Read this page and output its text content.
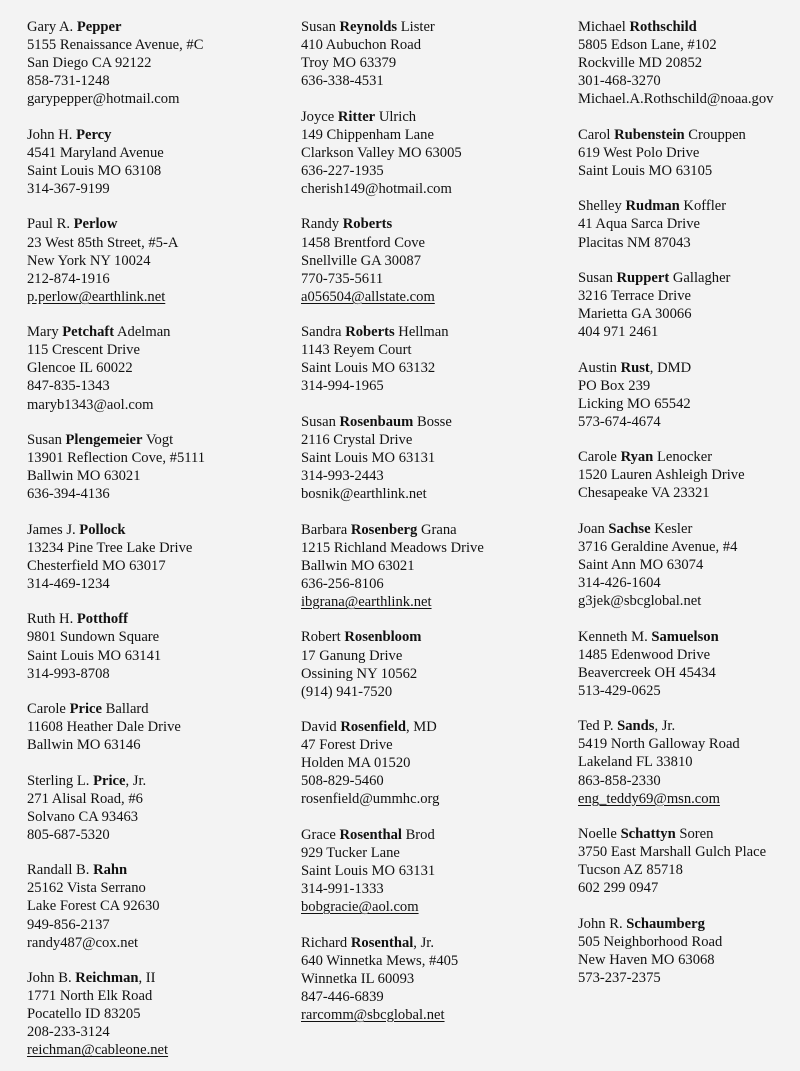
Gary A. Pepper
5155 Renaissance Avenue, #C
San Diego CA 92122
858-731-1248
garypepper@hotmail.com
John H. Percy
4541 Maryland Avenue
Saint Louis MO 63108
314-367-9199
Paul R. Perlow
23 West 85th Street, #5-A
New York NY 10024
212-874-1916
p.perlow@earthlink.net
Mary Petchaft Adelman
115 Crescent Drive
Glencoe IL 60022
847-835-1343
maryb1343@aol.com
Susan Plengemeier Vogt
13901 Reflection Cove, #5111
Ballwin MO 63021
636-394-4136
James J. Pollock
13234 Pine Tree Lake Drive
Chesterfield MO 63017
314-469-1234
Ruth H. Potthoff
9801 Sundown Square
Saint Louis MO 63141
314-993-8708
Carole Price Ballard
11608 Heather Dale Drive
Ballwin MO 63146
Sterling L. Price, Jr.
271 Alisal Road, #6
Solvano CA 93463
805-687-5320
Randall B. Rahn
25162 Vista Serrano
Lake Forest CA 92630
949-856-2137
randy487@cox.net
John B. Reichman, II
1771 North Elk Road
Pocatello ID 83205
208-233-3124
reichman@cableone.net
Susan Reynolds Lister
410 Aubuchon Road
Troy MO 63379
636-338-4531
Joyce Ritter Ulrich
149 Chippenham Lane
Clarkson Valley MO 63005
636-227-1935
cherish149@hotmail.com
Randy Roberts
1458 Brentford Cove
Snellville GA 30087
770-735-5611
a056504@allstate.com
Sandra Roberts Hellman
1143 Reyem Court
Saint Louis MO 63132
314-994-1965
Susan Rosenbaum Bosse
2116 Crystal Drive
Saint Louis MO 63131
314-993-2443
bosnik@earthlink.net
Barbara Rosenberg Grana
1215 Richland Meadows Drive
Ballwin MO 63021
636-256-8106
ibgrana@earthlink.net
Robert Rosenbloom
17 Ganung Drive
Ossining NY 10562
(914) 941-7520
David Rosenfield, MD
47 Forest Drive
Holden MA 01520
508-829-5460
rosenfield@ummhc.org
Grace Rosenthal Brod
929 Tucker Lane
Saint Louis MO 63131
314-991-1333
bobgracie@aol.com
Richard Rosenthal, Jr.
640 Winnetka Mews, #405
Winnetka IL 60093
847-446-6839
rarcomm@sbcglobal.net
Michael Rothschild
5805 Edson Lane, #102
Rockville MD 20852
301-468-3270
Michael.A.Rothschild@noaa.gov
Carol Rubenstein Crouppen
619 West Polo Drive
Saint Louis MO 63105
Shelley Rudman Koffler
41 Aqua Sarca Drive
Placitas NM 87043
Susan Ruppert Gallagher
3216 Terrace Drive
Marietta GA 30066
404 971 2461
Austin Rust, DMD
PO Box 239
Licking MO 65542
573-674-4674
Carole Ryan Lenocker
1520 Lauren Ashleigh Drive
Chesapeake VA 23321
Joan Sachse Kesler
3716 Geraldine Avenue, #4
Saint Ann MO 63074
314-426-1604
g3jek@sbcglobal.net
Kenneth M. Samuelson
1485 Edenwood Drive
Beavercreek OH 45434
513-429-0625
Ted P. Sands, Jr.
5419 North Galloway Road
Lakeland FL 33810
863-858-2330
eng_teddy69@msn.com
Noelle Schattyn Soren
3750 East Marshall Gulch Place
Tucson AZ 85718
602 299 0947
John R. Schaumberg
505 Neighborhood Road
New Haven MO 63068
573-237-2375
